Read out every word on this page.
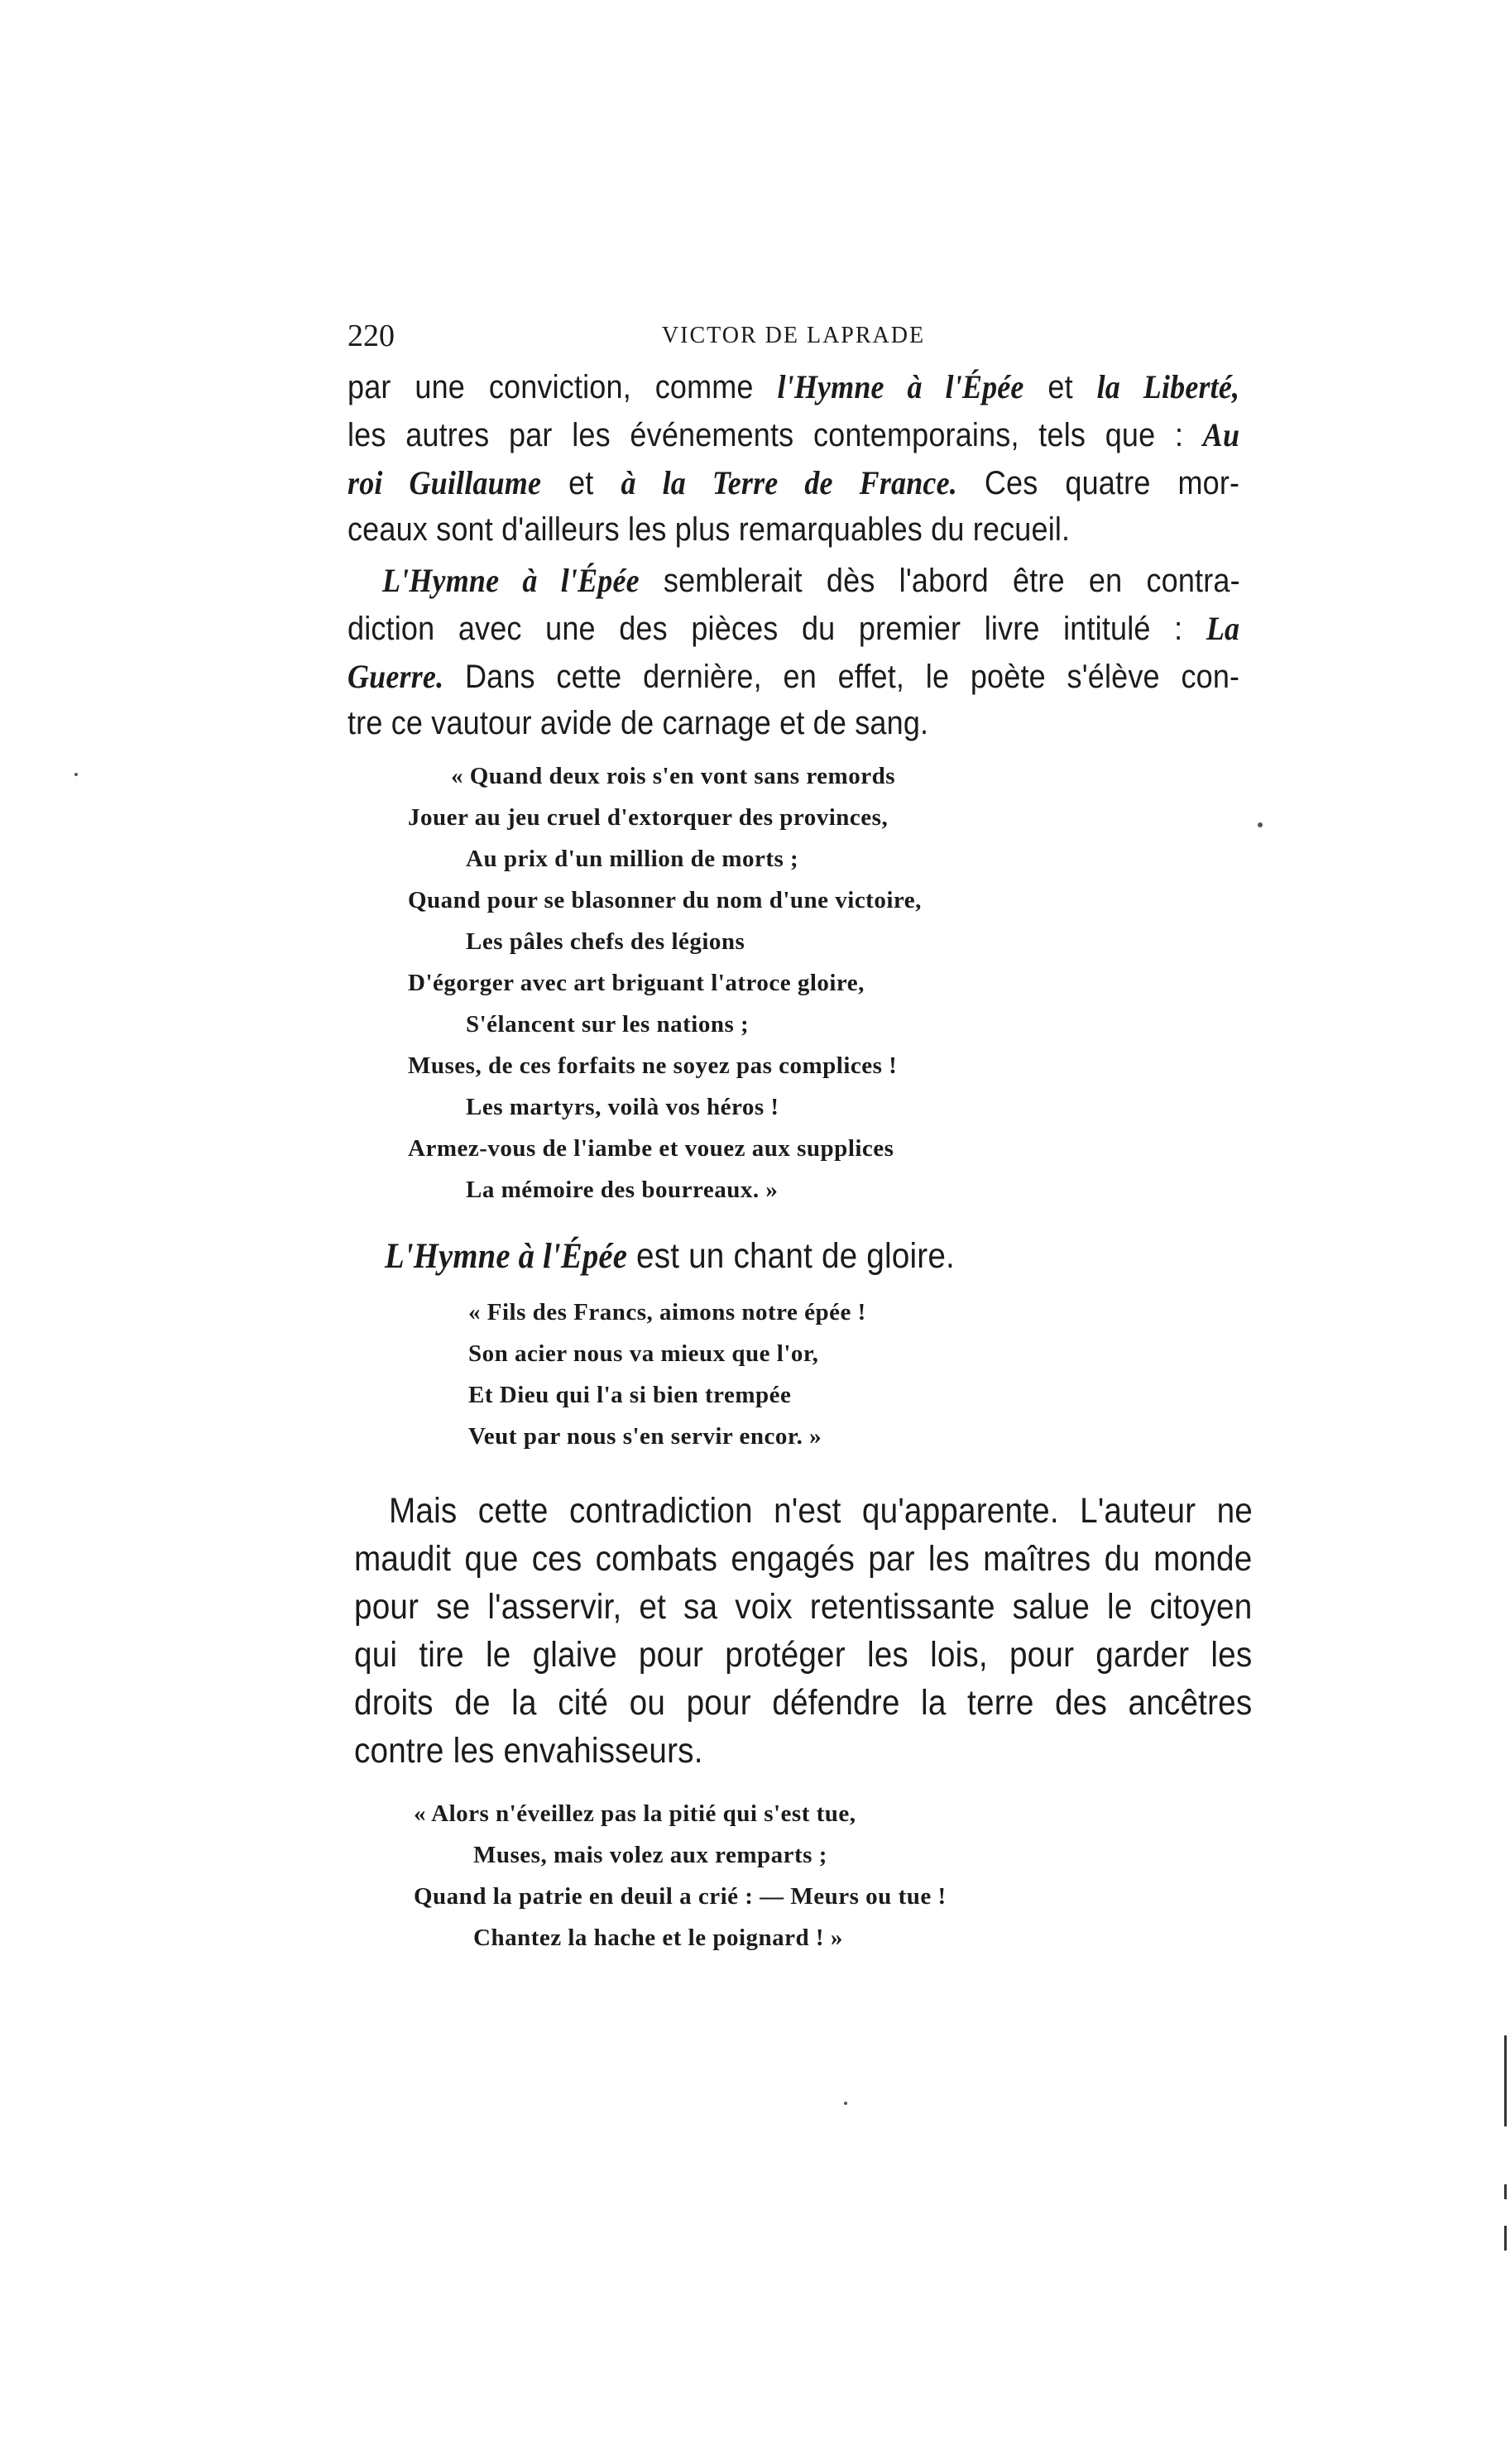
220	VICTOR DE LAPRADE
par une conviction, comme l'Hymne à l'Épée et la Liberté,
les autres par les événements contemporains, tels que : Au
roi Guillaume et à la Terre de France. Ces quatre mor-
ceaux sont d'ailleurs les plus remarquables du recueil.
L'Hymne à l'Épée semblerait dès l'abord être en contra-
diction avec une des pièces du premier livre intitulé : La
Guerre. Dans cette dernière, en effet, le poète s'élève con-
tre ce vautour avide de carnage et de sang.
« Quand deux rois s'en vont sans remords
Jouer au jeu cruel d'extorquer des provinces,
Au prix d'un million de morts ;
Quand pour se blasonner du nom d'une victoire,
Les pâles chefs des légions
D'égorger avec art briguant l'atroce gloire,
S'élancent sur les nations ;
Muses, de ces forfaits ne soyez pas complices !
Les martyrs, voilà vos héros !
Armez-vous de l'iambe et vouez aux supplices
La mémoire des bourreaux. »
L'Hymne à l'Épée est un chant de gloire.
« Fils des Francs, aimons notre épée !
Son acier nous va mieux que l'or,
Et Dieu qui l'a si bien trempée
Veut par nous s'en servir encor. »
Mais cette contradiction n'est qu'apparente. L'auteur ne
maudit que ces combats engagés par les maîtres du monde
pour se l'asservir, et sa voix retentissante salue le citoyen
qui tire le glaive pour protéger les lois, pour garder les
droits de la cité ou pour défendre la terre des ancêtres
contre les envahisseurs.
« Alors n'éveillez pas la pitié qui s'est tue,
Muses, mais volez aux remparts ;
Quand la patrie en deuil a crié : — Meurs ou tue !
Chantez la hache et le poignard ! »
